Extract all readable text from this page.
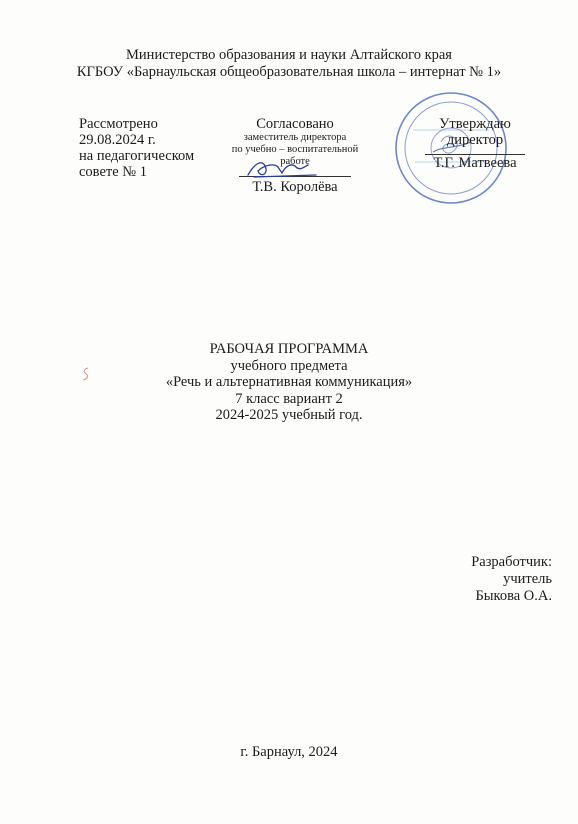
Министерство образования и науки Алтайского края
КГБОУ «Барнаульская общеобразовательная школа – интернат № 1»
Рассмотрено
29.08.2024 г.
на педагогическом
совете № 1
Согласовано
заместитель директора
по учебно – воспитательной
работе
Т.В. Королёва
Утверждаю
директор
Т.Г. Матвеева
РАБОЧАЯ ПРОГРАММА
учебного предмета
«Речь и альтернативная коммуникация»
7 класс вариант 2
2024-2025 учебный год.
Разработчик:
учитель
Быкова О.А.
г. Барнаул, 2024
